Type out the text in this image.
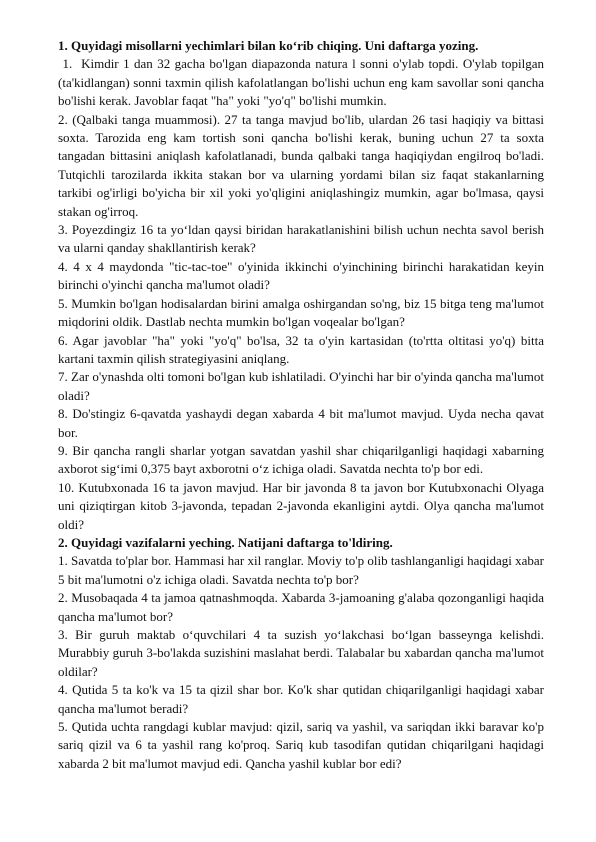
1. Quyidagi misollarni yechimlari bilan ko‘rib chiqing. Uni daftarga yozing.

1.  Kimdir 1 dan 32 gacha bo'lgan diapazonda natura l sonni o'ylab topdi. O'ylab topilgan (ta'kidlangan) sonni taxmin qilish kafolatlangan bo'lishi uchun eng kam savollar soni qancha bo'lishi kerak. Javoblar faqat "ha" yoki "yo'q" bo'lishi mumkin.

2. (Qalbaki tanga muammosi). 27 ta tanga mavjud bo'lib, ulardan 26 tasi haqiqiy va bittasi soxta. Tarozida eng kam tortish soni qancha bo'lishi kerak, buning uchun 27 ta soxta tangadan bittasini aniqlash kafolatlanadi, bunda qalbaki tanga haqiqiydan engilroq bo'ladi. Tutqichli tarozilarda ikkita stakan bor va ularning yordami bilan siz faqat stakanlarning tarkibi og'irligi bo'yicha bir xil yoki yo'qligini aniqlashingiz mumkin, agar bo'lmasa, qaysi stakan og'irroq.

3. Poyezdingiz 16 ta yo‘ldan qaysi biridan harakatlanishini bilish uchun nechta savol berish va ularni qanday shakllantirish kerak?

4. 4 x 4 maydonda "tic-tac-toe" o'yinida ikkinchi o'yinchining birinchi harakatidan keyin birinchi o'yinchi qancha ma'lumot oladi?

5. Mumkin bo'lgan hodisalardan birini amalga oshirgandan so'ng, biz 15 bitga teng ma'lumot miqdorini oldik. Dastlab nechta mumkin bo'lgan voqealar bo'lgan?

6. Agar javoblar "ha" yoki "yo'q" bo'lsa, 32 ta o'yin kartasidan (to'rtta oltitasi yo'q) bitta kartani taxmin qilish strategiyasini aniqlang.

7. Zar o'ynashda olti tomoni bo'lgan kub ishlatiladi. O'yinchi har bir o'yinda qancha ma'lumot oladi?

8. Do'stingiz 6-qavatda yashaydi degan xabarda 4 bit ma'lumot mavjud. Uyda necha qavat bor.

9. Bir qancha rangli sharlar yotgan savatdan yashil shar chiqarilganligi haqidagi xabarning axborot sig‘imi 0,375 bayt axborotni o‘z ichiga oladi. Savatda nechta to'p bor edi.

10. Kutubxonada 16 ta javon mavjud. Har bir javonda 8 ta javon bor Kutubxonachi Olyaga uni qiziqtirgan kitob 3-javonda, tepadan 2-javonda ekanligini aytdi. Olya qancha ma'lumot oldi?

2. Quyidagi vazifalarni yeching. Natijani daftarga to'ldiring.

1. Savatda to'plar bor. Hammasi har xil ranglar. Moviy to'p olib tashlanganligi haqidagi xabar 5 bit ma'lumotni o'z ichiga oladi. Savatda nechta to'p bor?

2. Musobaqada 4 ta jamoa qatnashmoqda. Xabarda 3-jamoaning g'alaba qozonganligi haqida qancha ma'lumot bor?

3. Bir guruh maktab o‘quvchilari 4 ta suzish yo‘lakchasi bo‘lgan basseynga kelishdi. Murabbiy guruh 3-bo'lakda suzishini maslahat berdi. Talabalar bu xabardan qancha ma'lumot oldilar?

4. Qutida 5 ta ko'k va 15 ta qizil shar bor. Ko'k shar qutidan chiqarilganligi haqidagi xabar qancha ma'lumot beradi?

5. Qutida uchta rangdagi kublar mavjud: qizil, sariq va yashil, va sariqdan ikki baravar ko'p sariq qizil va 6 ta yashil rang ko'proq. Sariq kub tasodifan qutidan chiqarilgani haqidagi xabarda 2 bit ma'lumot mavjud edi. Qancha yashil kublar bor edi?
